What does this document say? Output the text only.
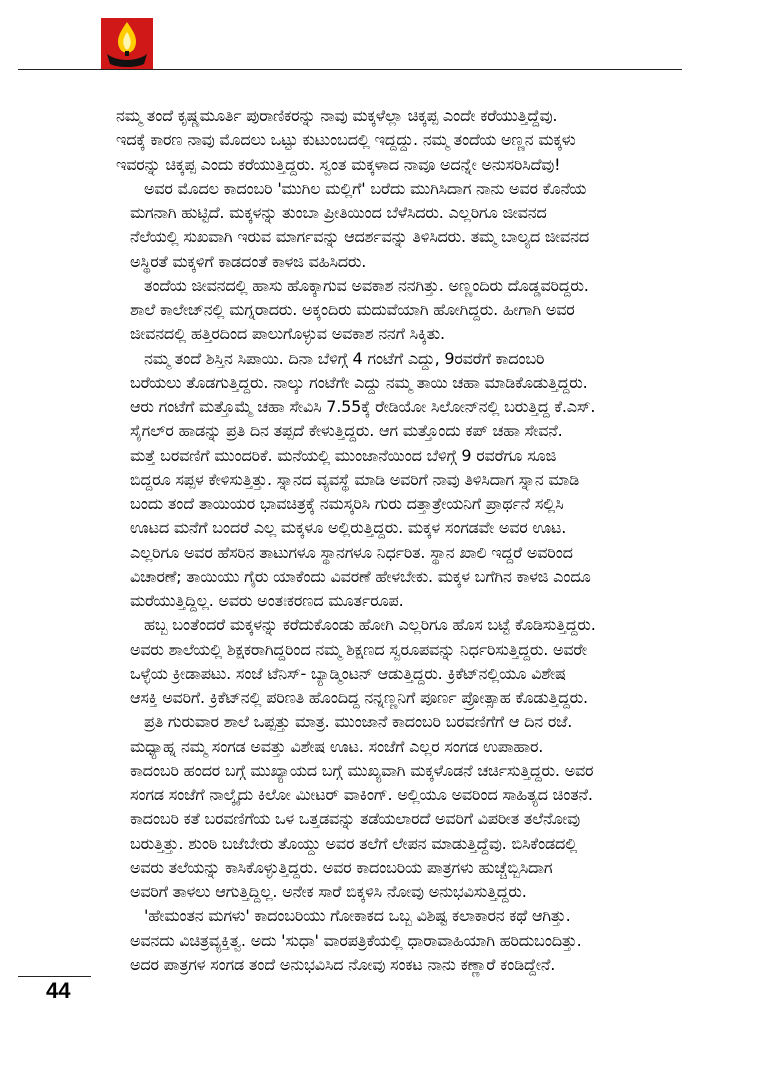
ನಮ್ಮ ತಂದೆ ಕೃಷ್ಣಮೂರ್ತಿ ಪುರಾಣಿಕರನ್ನು ನಾವು ಮಕ್ಕಳೆಲ್ಲಾ ಚಿಕ್ಕಪ್ಪ ಎಂದೇ ಕರೆಯುತ್ತಿದ್ದೆವು.
ಇದಕ್ಕೆ ಕಾರಣ ನಾವು ಮೊದಲು ಒಟ್ಟು ಕುಟುಂಬದಲ್ಲಿ ಇದ್ದದ್ದು. ನಮ್ಮ ತಂದೆಯ ಅಣ್ಣನ ಮಕ್ಕಳು
ಇವರನ್ನು ಚಿಕ್ಕಪ್ಪ ಎಂದು ಕರೆಯುತ್ತಿದ್ದರು. ಸ್ವಂತ ಮಕ್ಕಳಾದ ನಾವೂ ಅದನ್ನೇ ಅನುಸರಿಸಿದೆವು!
ಅವರ ಮೊದಲ ಕಾದಂಬರಿ 'ಮುಗಿಲ ಮಲ್ಲಿಗೆ' ಬರೆದು ಮುಗಿಸಿದಾಗ ನಾನು ಅವರ ಕೊನೆಯ
ಮಗನಾಗಿ ಹುಟ್ಟಿದೆ. ಮಕ್ಕಳನ್ನು ತುಂಬಾ ಪ್ರೀತಿಯಿಂದ ಬೆಳೆಸಿದರು. ಎಲ್ಲರಿಗೂ ಜೀವನದ
ನೆಲೆಯಲ್ಲಿ ಸುಖವಾಗಿ ಇರುವ ಮಾರ್ಗವನ್ನು ಆದರ್ಶವನ್ನು ತಿಳಿಸಿದರು. ತಮ್ಮ ಬಾಲ್ಯದ ಜೀವನದ
ಅಸ್ಥಿರತೆ ಮಕ್ಕಳಿಗೆ ಕಾಡದಂತೆ ಕಾಳಜಿ ವಹಿಸಿದರು.
ತಂದೆಯ ಜೀವನದಲ್ಲಿ ಹಾಸು ಹೊಕ್ಕಾಗುವ ಅವಕಾಶ ನನಗಿತ್ತು. ಅಣ್ಣಂದಿರು ದೊಡ್ಡವರಿದ್ದರು.
ಶಾಲೆ ಕಾಲೇಜ್‌ನಲ್ಲಿ ಮಗ್ನರಾದರು. ಅಕ್ಕಂದಿರು ಮದುವೆಯಾಗಿ ಹೋಗಿದ್ದರು. ಹೀಗಾಗಿ ಅವರ
ಜೀವನದಲ್ಲಿ ಹತ್ತಿರದಿಂದ ಪಾಲುಗೊಳ್ಳುವ ಅವಕಾಶ ನನಗೆ ಸಿಕ್ಕಿತು.
ನಮ್ಮ ತಂದೆ ಶಿಸ್ತಿನ ಸಿಪಾಯಿ. ದಿನಾ ಬೆಳಿಗ್ಗೆ 4 ಗಂಟೆಗೆ ಎದ್ದು, 9ರವರೆಗೆ ಕಾದಂಬರಿ
ಬರೆಯಲು ತೊಡಗುತ್ತಿದ್ದರು. ನಾಲ್ಕು ಗಂಟೆಗೇ ಎದ್ದು ನಮ್ಮ ತಾಯಿ ಚಹಾ ಮಾಡಿಕೊಡುತ್ತಿದ್ದರು.
ಆರು ಗಂಟೆಗೆ ಮತ್ತೊಮ್ಮೆ ಚಹಾ ಸೇವಿಸಿ 7.55ಕ್ಕೆ ರೇಡಿಯೋ ಸಿಲೋನ್‌ನಲ್ಲಿ ಬರುತ್ತಿದ್ದ ಕೆ.ಎಸ್.
ಸೈಗಲ್‌ರ ಹಾಡನ್ನು ಪ್ರತಿ ದಿನ ತಪ್ಪದೆ ಕೇಳುತ್ತಿದ್ದರು. ಆಗ ಮತ್ತೊಂದು ಕಪ್ ಚಹಾ ಸೇವನೆ.
ಮತ್ತೆ ಬರವಣಿಗೆ ಮುಂದರಿಕೆ. ಮನೆಯಲ್ಲಿ ಮುಂಜಾನೆಯಿಂದ ಬೆಳಿಗ್ಗೆ 9 ರವರೆಗೂ ಸೂಜಿ
ಬಿದ್ದರೂ ಸಪ್ಪಳ ಕೇಳಿಸುತ್ತಿತ್ತು. ಸ್ನಾನದ ವ್ಯವಸ್ಥೆ ಮಾಡಿ ಅವರಿಗೆ ನಾವು ತಿಳಿಸಿದಾಗ ಸ್ನಾನ ಮಾಡಿ
ಬಂದು ತಂದೆ ತಾಯಿಯರ ಭಾವಚಿತ್ರಕ್ಕೆ ನಮಸ್ಕರಿಸಿ ಗುರು ದತ್ತಾತ್ರೇಯನಿಗೆ ಪ್ರಾರ್ಥನೆ ಸಲ್ಲಿಸಿ
ಊಟದ ಮನೆಗೆ ಬಂದರೆ ಎಲ್ಲ ಮಕ್ಕಳೂ ಅಲ್ಲಿರುತ್ತಿದ್ದರು. ಮಕ್ಕಳ ಸಂಗಡವೇ ಅವರ ಊಟ.
ಎಲ್ಲರಿಗೂ ಅವರ ಹೆಸರಿನ ತಾಟುಗಳೂ ಸ್ಥಾನಗಳೂ ನಿರ್ಧರಿತ. ಸ್ಥಾನ ಖಾಲಿ ಇದ್ದರೆ ಅವರಿಂದ
ವಿಚಾರಣೆ; ತಾಯಿಯು ಗೈರು ಯಾಕೆಂದು ವಿವರಣೆ ಹೇಳಬೇಕು. ಮಕ್ಕಳ ಬಗೆಗಿನ ಕಾಳಜಿ ಎಂದೂ
ಮರೆಯುತ್ತಿದ್ದಿಲ್ಲ. ಅವರು ಅಂತಃಕರಣದ ಮೂರ್ತರೂಪ.
ಹಬ್ಬ ಬಂತೆಂದರೆ ಮಕ್ಕಳನ್ನು ಕರೆದುಕೊಂಡು ಹೋಗಿ ಎಲ್ಲರಿಗೂ ಹೊಸ ಬಟ್ಟೆ ಕೊಡಿಸುತ್ತಿದ್ದರು.
ಅವರು ಶಾಲೆಯಲ್ಲಿ ಶಿಕ್ಷಕರಾಗಿದ್ದರಿಂದ ನಮ್ಮ ಶಿಕ್ಷಣದ ಸ್ವರೂಪವನ್ನು ನಿರ್ಧರಿಸುತ್ತಿದ್ದರು. ಅವರೇ
ಒಳ್ಳೆಯ ಕ್ರೀಡಾಪಟು. ಸಂಜೆ ಟೆನಿಸ್- ಬ್ಯಾಡ್ಮಿಂಟನ್ ಆಡುತ್ತಿದ್ದರು. ಕ್ರಿಕೆಟ್‌ನಲ್ಲಿಯೂ ವಿಶೇಷ
ಆಸಕ್ತಿ ಅವರಿಗೆ. ಕ್ರಿಕೆಟ್‌ನಲ್ಲಿ ಪರಿಣತಿ ಹೊಂದಿದ್ದ ನನ್ನಣ್ಣನಿಗೆ ಪೂರ್ಣ ಪ್ರೋತ್ಸಾಹ ಕೊಡುತ್ತಿದ್ದರು.
ಪ್ರತಿ ಗುರುವಾರ ಶಾಲೆ ಒಪ್ಪತ್ತು ಮಾತ್ರ. ಮುಂಜಾನೆ ಕಾದಂಬರಿ ಬರವಣಿಗೆಗೆ ಆ ದಿನ ರಜೆ.
ಮಧ್ಯಾಹ್ನ ನಮ್ಮ ಸಂಗಡ ಅವತ್ತು ವಿಶೇಷ ಊಟ. ಸಂಜೆಗೆ ಎಲ್ಲರ ಸಂಗಡ ಉಪಾಹಾರ.
ಕಾದಂಬರಿ ಹಂದರ ಬಗ್ಗೆ ಮುಖ್ಯಾಯದ ಬಗ್ಗೆ ಮುಖ್ಯವಾಗಿ ಮಕ್ಕಳೊಡನೆ ಚರ್ಚಿಸುತ್ತಿದ್ದರು. ಅವರ
ಸಂಗಡ ಸಂಜೆಗೆ ನಾಲ್ಕೈದು ಕಿಲೋ ಮೀಟರ್ ವಾಕಿಂಗ್. ಅಲ್ಲಿಯೂ ಅವರಿಂದ ಸಾಹಿತ್ಯದ ಚಿಂತನೆ.
ಕಾದಂಬರಿ ಕತೆ ಬರವಣಿಗೆಯ ಒಳ ಒತ್ತಡವನ್ನು ತಡೆಯಲಾರದೆ ಅವರಿಗೆ ವಿಪರೀತ ತಲೆನೋವು
ಬರುತ್ತಿತ್ತು. ಶುಂಠಿ ಬಜೆಬೇರು ತೊಯ್ದು ಅವರ ತಲೆಗೆ ಲೇಪನ ಮಾಡುತ್ತಿದ್ದೆವು. ಬಿಸಿಕೆಂಡದಲ್ಲಿ
ಅವರು ತಲೆಯನ್ನು ಕಾಸಿಕೊಳ್ಳುತ್ತಿದ್ದರು. ಅವರ ಕಾದಂಬರಿಯ ಪಾತ್ರಗಳು ಹುಚ್ಚೆಬ್ಬಿಸಿದಾಗ
ಅವರಿಗೆ ತಾಳಲು ಆಗುತ್ತಿದ್ದಿಲ್ಲ. ಅನೇಕ ಸಾರೆ ಬಿಕ್ಕಳಿಸಿ ನೋವು ಅನುಭವಿಸುತ್ತಿದ್ದರು.
'ಹೇಮಂತನ ಮಗಳು' ಕಾದಂಬರಿಯು ಗೋಕಾಕದ ಒಬ್ಬ ವಿಶಿಷ್ಟ ಕಲಾಕಾರನ ಕಥೆ ಆಗಿತ್ತು.
ಅವನದು ವಿಚಿತ್ರವ್ಯಕ್ತಿತ್ವ. ಅದು 'ಸುಧಾ' ವಾರಪತ್ರಿಕೆಯಲ್ಲಿ ಧಾರಾವಾಹಿಯಾಗಿ ಹರಿದುಬಂದಿತ್ತು.
ಅದರ ಪಾತ್ರಗಳ ಸಂಗಡ ತಂದೆ ಅನುಭವಿಸಿದ ನೋವು ಸಂಕಟ ನಾನು ಕಣ್ಣಾರೆ ಕಂಡಿದ್ದೇನೆ.
44
